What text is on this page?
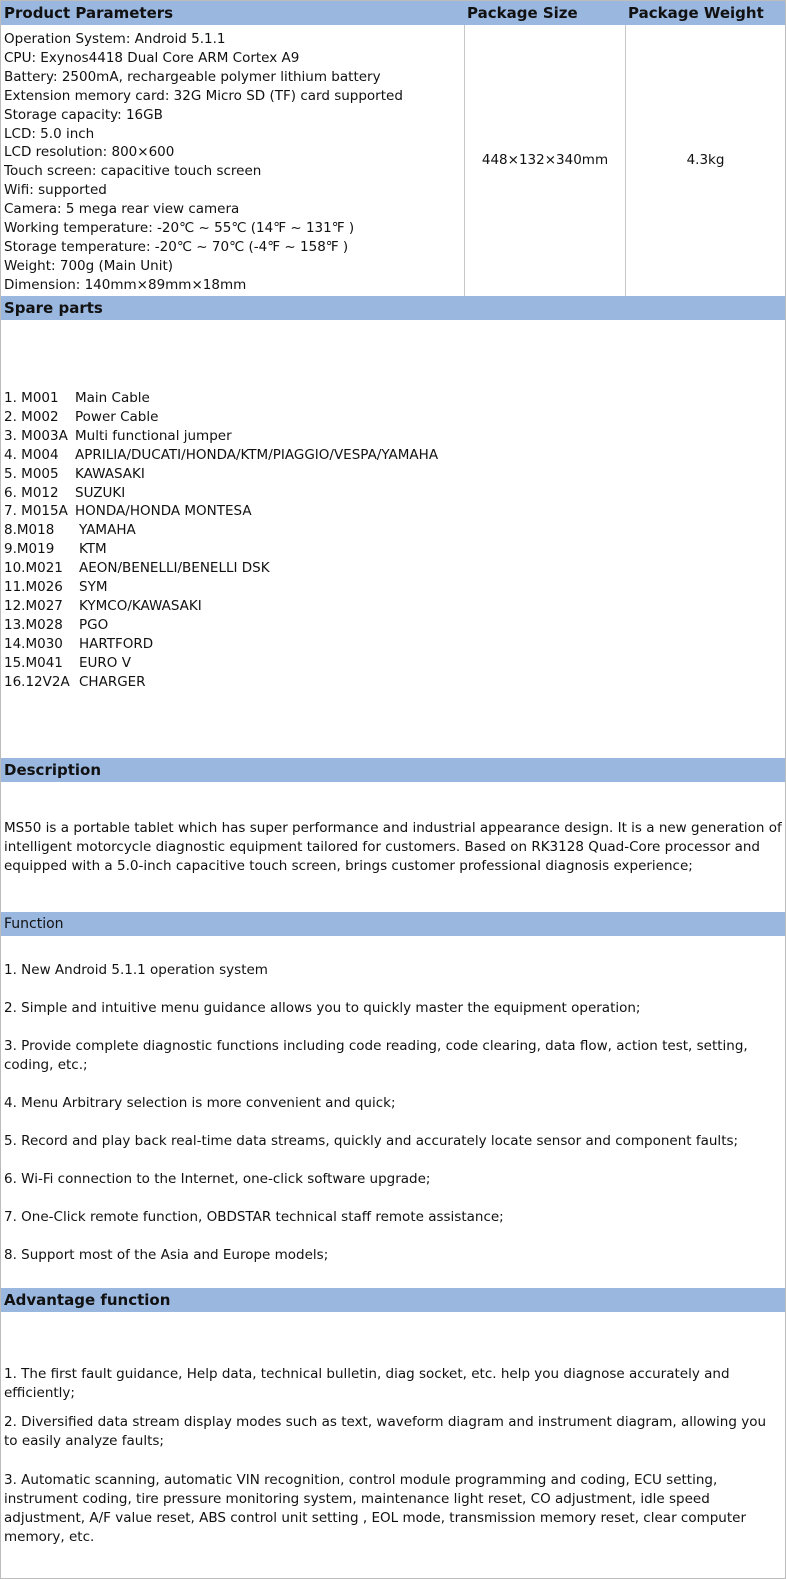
Product Parameters	Package Size	Package Weight
Operation System: Android 5.1.1
CPU: Exynos4418 Dual Core ARM Cortex A9
Battery: 2500mA, rechargeable polymer lithium battery
Extension memory card: 32G Micro SD (TF) card supported
Storage capacity: 16GB
LCD: 5.0 inch
LCD resolution: 800×600
Touch screen: capacitive touch screen
Wifi: supported
Camera: 5 mega rear view camera
Working temperature: -20℃ ~ 55℃ (14℉ ~ 131℉ )
Storage temperature: -20℃ ~ 70℃ (-4℉ ~ 158℉ )
Weight: 700g (Main Unit)
Dimension: 140mm×89mm×18mm
448×132×340mm	4.3kg
Spare parts
1. M001	Main Cable
2. M002	Power Cable
3. M003A Multi functional jumper
4. M004	APRILIA/DUCATI/HONDA/KTM/PIAGGIO/VESPA/YAMAHA
5. M005	KAWASAKI
6. M012	SUZUKI
7. M015A HONDA/HONDA MONTESA
8.M018	YAMAHA
9.M019	KTM
10.M021	AEON/BENELLI/BENELLI DSK
11.M026	SYM
12.M027	KYMCO/KAWASAKI
13.M028	PGO
14.M030	HARTFORD
15.M041	EURO V
16.12V2A CHARGER
Description
MS50 is a portable tablet which has super performance and industrial appearance design. It is a new generation of intelligent motorcycle diagnostic equipment tailored for customers. Based on RK3128 Quad-Core processor and equipped with a 5.0-inch capacitive touch screen, brings customer professional diagnosis experience;
Function
1. New Android 5.1.1 operation system
2. Simple and intuitive menu guidance allows you to quickly master the equipment operation;
3. Provide complete diagnostic functions including code reading, code clearing, data flow, action test, setting, coding, etc.;
4. Menu Arbitrary selection is more convenient and quick;
5. Record and play back real-time data streams, quickly and accurately locate sensor and component faults;
6. Wi-Fi connection to the Internet, one-click software upgrade;
7. One-Click remote function, OBDSTAR technical staff remote assistance;
8. Support most of the Asia and Europe models;
Advantage function
1. The first fault guidance, Help data, technical bulletin, diag socket, etc. help you diagnose accurately and efficiently;
2. Diversified data stream display modes such as text, waveform diagram and instrument diagram, allowing you to easily analyze faults;
3. Automatic scanning, automatic VIN recognition, control module programming and coding, ECU setting, instrument coding, tire pressure monitoring system, maintenance light reset, CO adjustment, idle speed adjustment, A/F value reset, ABS control unit setting , EOL mode, transmission memory reset, clear computer memory, etc.
